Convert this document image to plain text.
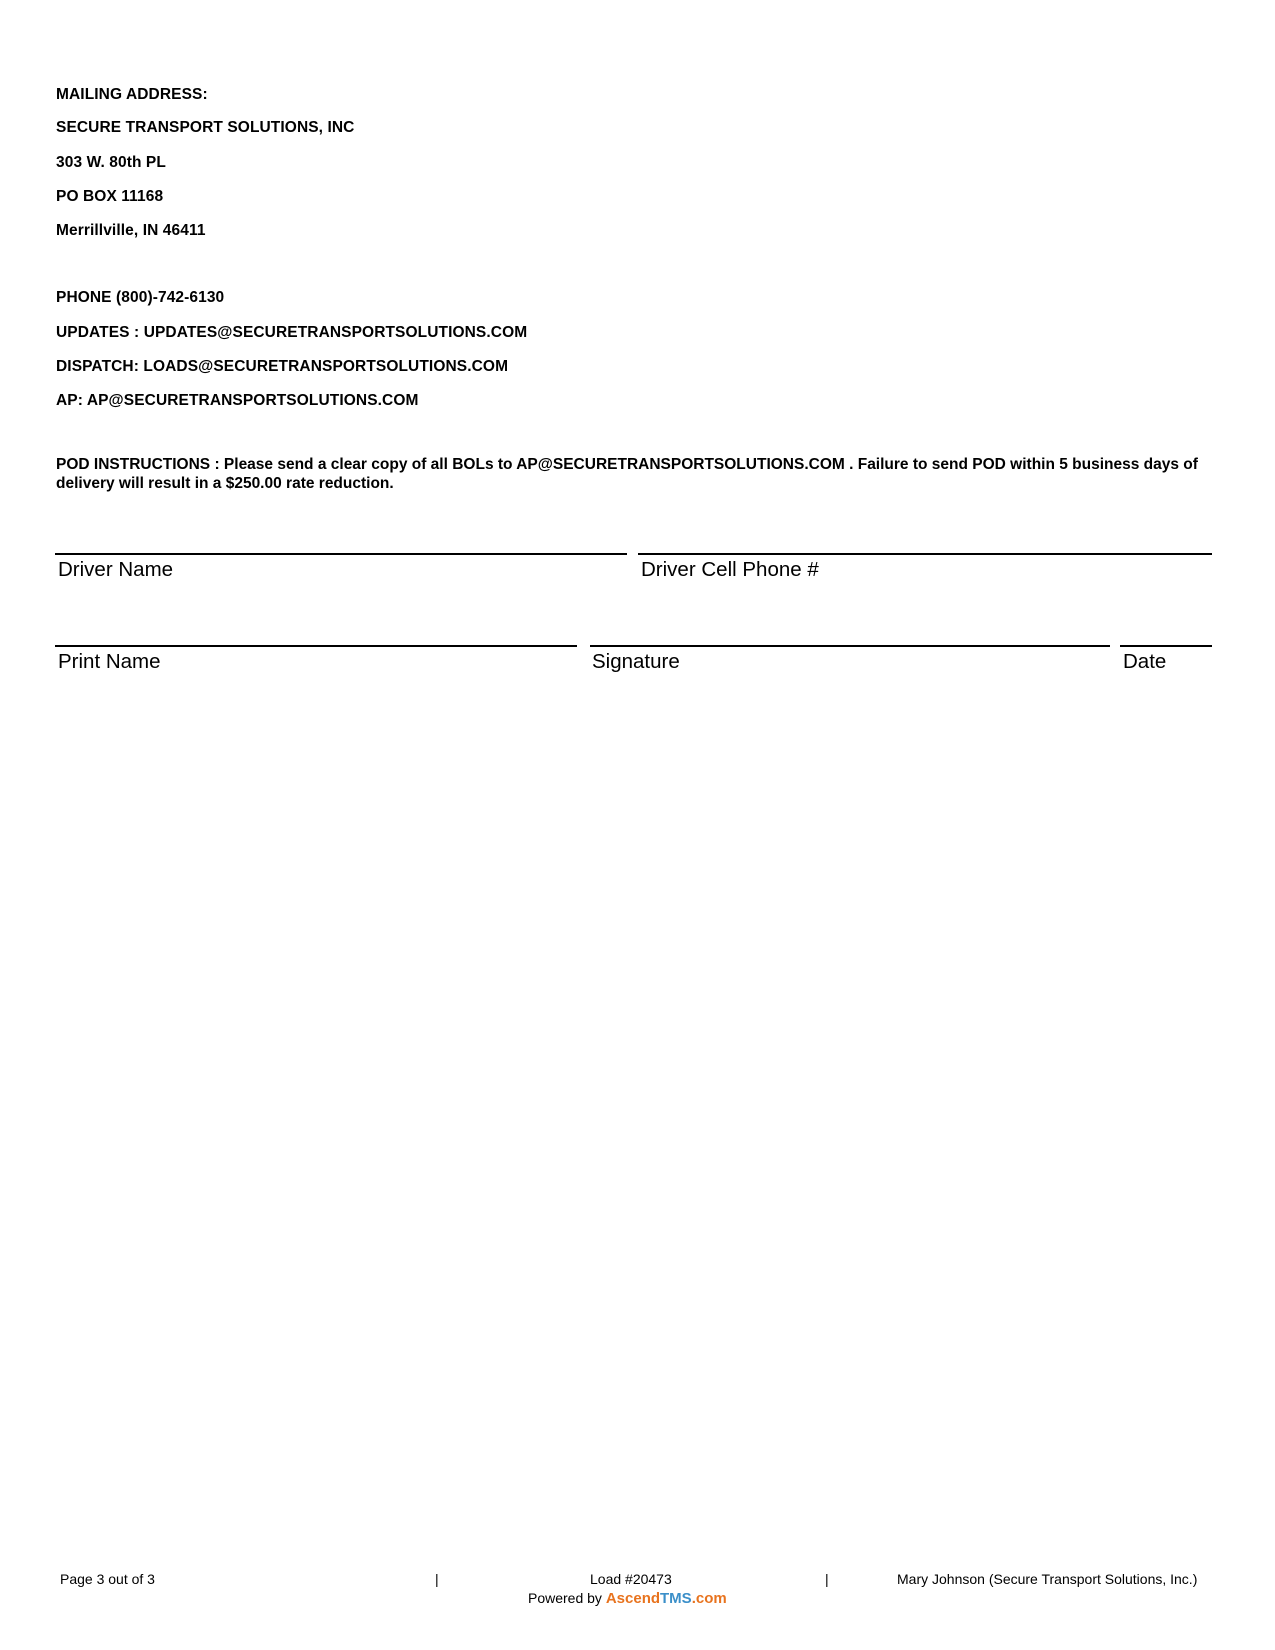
MAILING ADDRESS:
SECURE TRANSPORT SOLUTIONS, INC
303 W. 80th PL
PO BOX 11168
Merrillville, IN 46411
PHONE (800)-742-6130
UPDATES : UPDATES@SECURETRANSPORTSOLUTIONS.COM
DISPATCH: LOADS@SECURETRANSPORTSOLUTIONS.COM
AP: AP@SECURETRANSPORTSOLUTIONS.COM
POD INSTRUCTIONS : Please send a clear copy of all BOLs to AP@SECURETRANSPORTSOLUTIONS.COM . Failure to send POD within 5 business days of delivery will result in a $250.00 rate reduction.
Driver Name	Driver Cell Phone #
Print Name	Signature	Date
Page 3 out of 3	|	Load #20473	|	Mary Johnson (Secure Transport Solutions, Inc.)
Powered by AscendTMS.com
